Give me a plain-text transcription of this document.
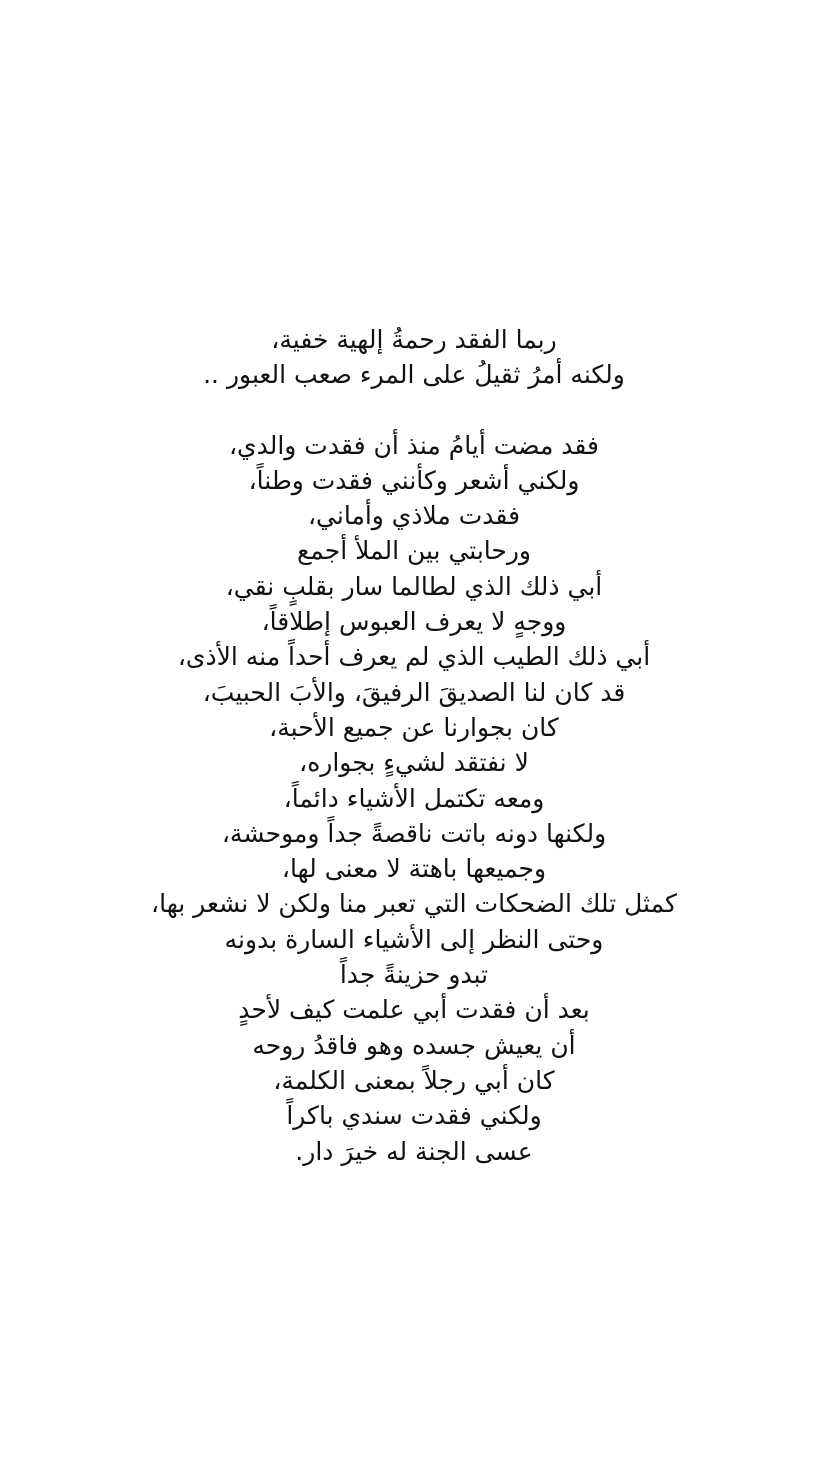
ربما الفقد رحمةُ إلهية خفية،
ولكنه أمرُ ثقيلُ على المرء صعب العبور ..
فقد مضت أيامُ منذ أن فقدت والدي،
ولكني أشعر وكأنني فقدت وطناً،
فقدت ملاذي وأماني،
ورحابتي بين الملأ أجمع
أبي ذلك الذي لطالما سار بقلبٍ نقي،
ووجهٍ لا يعرف العبوس إطلاقاً،
أبي ذلك الطيب الذي لم يعرف أحداً منه الأذى،
قد كان لنا الصديقَ الرفيقَ، والأبَ الحبيبَ،
كان بجوارنا عن جميع الأحبة،
لا نفتقد لشيءٍ بجواره،
ومعه تكتمل الأشياء دائماً،
ولكنها دونه باتت ناقصةً جداً وموحشة،
وجميعها باهتة لا معنى لها،
كمثل تلك الضحكات التي تعبر منا ولكن لا نشعر بها،
وحتى النظر إلى الأشياء السارة بدونه
تبدو حزينةً جداً
بعد أن فقدت أبي علمت كيف لأحدٍ
أن يعيش جسده وهو فاقدُ روحه
كان أبي رجلاً بمعنى الكلمة،
ولكني فقدت سندي باكراً
عسى الجنة له خيرَ دار.
